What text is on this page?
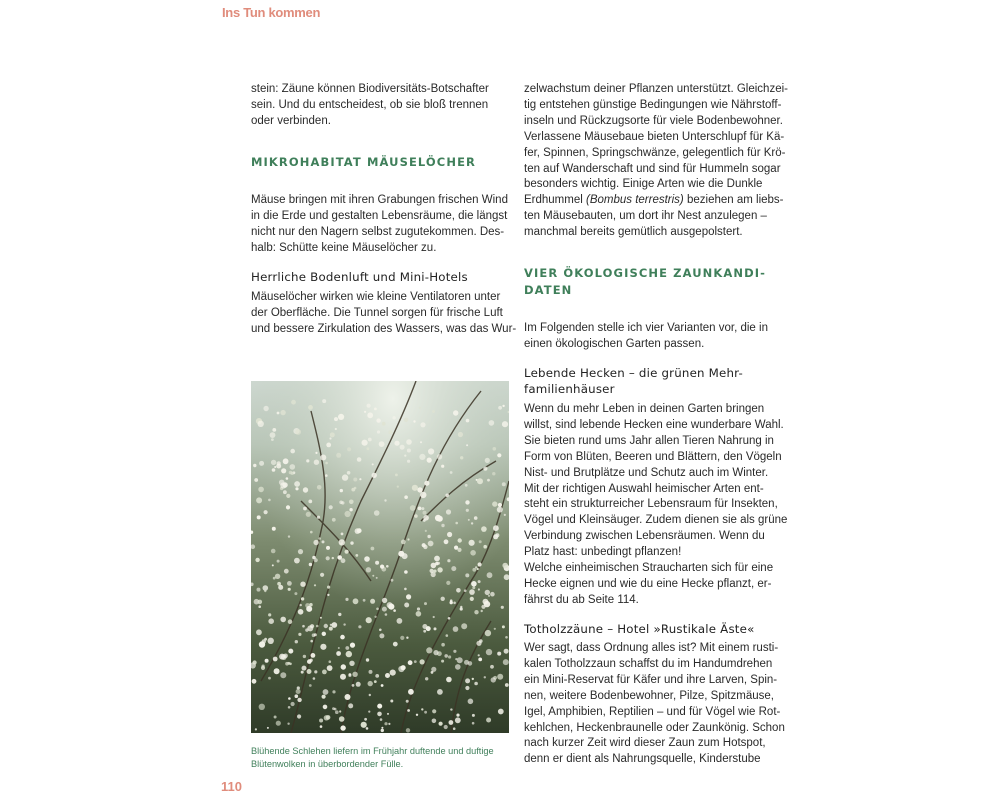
Ins Tun kommen
stein: Zäune können Biodiversitäts-Botschafter
sein. Und du entscheidest, ob sie bloß trennen
oder verbinden.
MIKROHABITAT MÄUSELÖCHER
Mäuse bringen mit ihren Grabungen frischen Wind
in die Erde und gestalten Lebensräume, die längst
nicht nur den Nagern selbst zugutekommen. Des-
halb: Schütte keine Mäuselöcher zu.
Herrliche Bodenluft und Mini-Hotels
Mäuselöcher wirken wie kleine Ventilatoren unter
der Oberfläche. Die Tunnel sorgen für frische Luft
und bessere Zirkulation des Wassers, was das Wur-
Blühende Schlehen liefern im Frühjahr duftende und duftige
Blütenwolken in überbordender Fülle.
110
zelwachstum deiner Pflanzen unterstützt. Gleichzei-
tig entstehen günstige Bedingungen wie Nährstoff-
inseln und Rückzugsorte für viele Bodenbewohner.
Verlassene Mäusebaue bieten Unterschlupf für Kä-
fer, Spinnen, Springschwänze, gelegentlich für Krö-
ten auf Wanderschaft und sind für Hummeln sogar
besonders wichtig. Einige Arten wie die Dunkle
Erdhummel (Bombus terrestris) beziehen am liebs-
ten Mäusebauten, um dort ihr Nest anzulegen –
manchmal bereits gemütlich ausgepolstert.
VIER ÖKOLOGISCHE ZAUNKANDI-
DATEN
Im Folgenden stelle ich vier Varianten vor, die in
einen ökologischen Garten passen.
Lebende Hecken – die grünen Mehr-
familienhäuser
Wenn du mehr Leben in deinen Garten bringen
willst, sind lebende Hecken eine wunderbare Wahl.
Sie bieten rund ums Jahr allen Tieren Nahrung in
Form von Blüten, Beeren und Blättern, den Vögeln
Nist- und Brutplätze und Schutz auch im Winter.
Mit der richtigen Auswahl heimischer Arten ent-
steht ein strukturreicher Lebensraum für Insekten,
Vögel und Kleinsäuger. Zudem dienen sie als grüne
Verbindung zwischen Lebensräumen. Wenn du
Platz hast: unbedingt pflanzen!
Welche einheimischen Straucharten sich für eine
Hecke eignen und wie du eine Hecke pflanzt, er-
fährst du ab Seite 114.
Totholzzäune – Hotel »Rustikale Äste«
Wer sagt, dass Ordnung alles ist? Mit einem rusti-
kalen Totholzzaun schaffst du im Handumdrehen
ein Mini-Reservat für Käfer und ihre Larven, Spin-
nen, weitere Bodenbewohner, Pilze, Spitzmäuse,
Igel, Amphibien, Reptilien – und für Vögel wie Rot-
kehlchen, Heckenbraunelle oder Zaunkönig. Schon
nach kurzer Zeit wird dieser Zaun zum Hotspot,
denn er dient als Nahrungsquelle, Kinderstube
